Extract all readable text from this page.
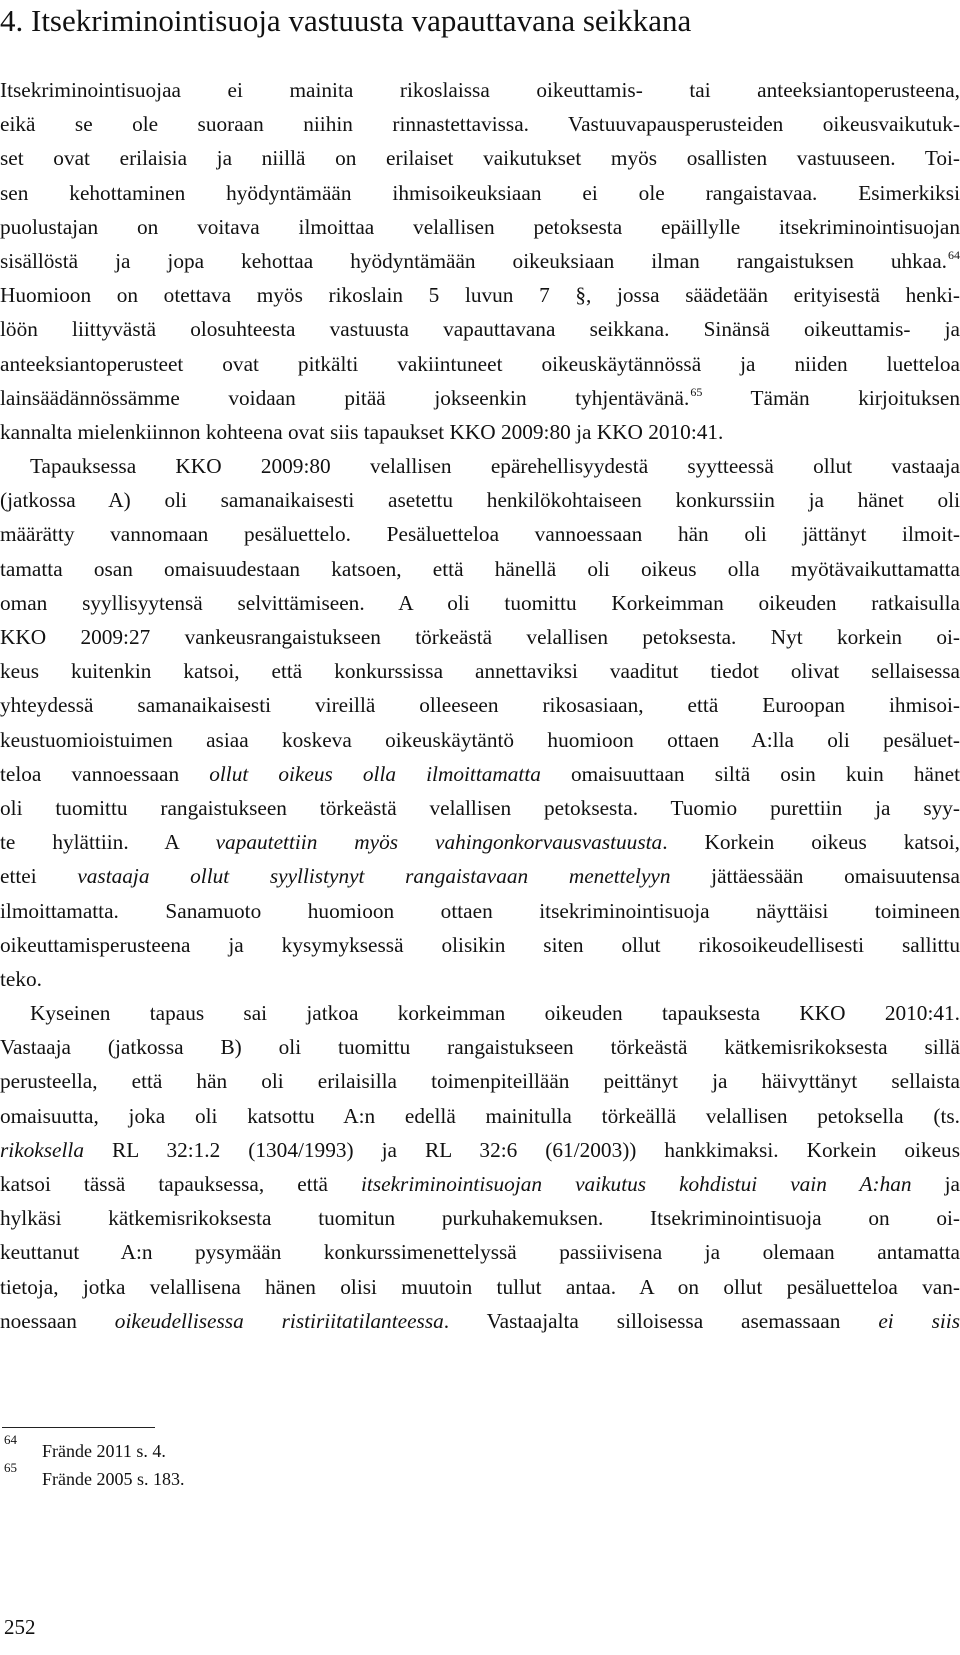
4. Itsekriminointisuoja vastuusta vapauttavana seikkana
Itsekriminointisuojaa ei mainita rikoslaissa oikeuttamis- tai anteeksiantoperusteena,
eikä se ole suoraan niihin rinnastettavissa. Vastuuvapausperusteiden oikeusvaikutuk-
set ovat erilaisia ja niillä on erilaiset vaikutukset myös osallisten vastuuseen. Toi-
sen kehottaminen hyödyntämään ihmisoikeuksiaan ei ole rangaistavaa. Esimerkiksi
puolustajan on voitava ilmoittaa velallisen petoksesta epäillylle itsekriminointisuojan
sisällöstä ja jopa kehottaa hyödyntämään oikeuksiaan ilman rangaistuksen uhkaa.$^{64}$
Huomioon on otettava myös rikoslain 5 luvun 7 §, jossa säädetään erityisestä henki-
löön liittyvästä olosuhteesta vastuusta vapauttavana seikkana. Sinänsä oikeuttamis- ja
anteeksiantoperusteet ovat pitkälti vakiintuneet oikeuskäytännössä ja niiden luetteloa
lainsäädännössämme voidaan pitää jokseenkin tyhjentävänä.$^{65}$ Tämän kirjoituksen
kannalta mielenkiinnon kohteena ovat siis tapaukset KKO 2009:80 ja KKO 2010:41.
Tapauksessa KKO 2009:80 velallisen epärehellisyydestä syytteessä ollut vastaaja
(jatkossa A) oli samanaikaisesti asetettu henkilökohtaiseen konkurssiin ja hänet oli
määrätty vannomaan pesäluettelo. Pesäluetteloa vannoessaan hän oli jättänyt ilmoit-
tamatta osan omaisuudestaan katsoen, että hänellä oli oikeus olla myötävaikuttamatta
oman syyllisyytensä selvittämiseen. A oli tuomittu Korkeimman oikeuden ratkaisulla
KKO 2009:27 vankeusrangaistukseen törkeästä velallisen petoksesta. Nyt korkein oi-
keus kuitenkin katsoi, että konkurssissa annettaviksi vaaditut tiedot olivat sellaisessa
yhteydessä samanaikaisesti vireillä olleeseen rikosasiaan, että Euroopan ihmisoi-
keustuomioistuimen asiaa koskeva oikeuskäytäntö huomioon ottaen A:lla oli pesäluet-
teloa vannoessaan ollut oikeus olla ilmoittamatta omaisuuttaan siltä osin kuin hänet
oli tuomittu rangaistukseen törkeästä velallisen petoksesta. Tuomio purettiin ja syy-
te hylättiin. A vapautettiin myös vahingonkorvausvastuusta. Korkein oikeus katsoi,
ettei vastaaja ollut syyllistynyt rangaistavaan menettelyyn jättäessään omaisuutensa
ilmoittamatta. Sanamuoto huomioon ottaen itsekriminointisuoja näyttäisi toimineen
oikeuttamisperusteena ja kysymyksessä olisikin siten ollut rikosoikeudellisesti sallittu
teko.
Kyseinen tapaus sai jatkoa korkeimman oikeuden tapauksesta KKO 2010:41.
Vastaaja (jatkossa B) oli tuomittu rangaistukseen törkeästä kätkemisrikoksesta sillä
perusteella, että hän oli erilaisilla toimenpiteillään peittänyt ja häivyttänyt sellaista
omaisuutta, joka oli katsottu A:n edellä mainitulla törkeällä velallisen petoksella (ts.
rikoksella RL 32:1.2 (1304/1993) ja RL 32:6 (61/2003)) hankkimaksi. Korkein oikeus
katsoi tässä tapauksessa, että itsekriminointisuojan vaikutus kohdistui vain A:han ja
hylkäsi kätkemisrikoksesta tuomitun purkuhakemuksen. Itsekriminointisuoja on oi-
keuttanut A:n pysymään konkurssimenettelyssä passiivisena ja olemaan antamatta
tietoja, jotka velallisena hänen olisi muutoin tullut antaa. A on ollut pesäluetteloa van-
noessaan oikeudellisessa ristiriitatilanteessa. Vastaajalta silloisessa asemassaan ei siis
64
Frände 2011 s. 4.
65
Frände 2005 s. 183.
252
